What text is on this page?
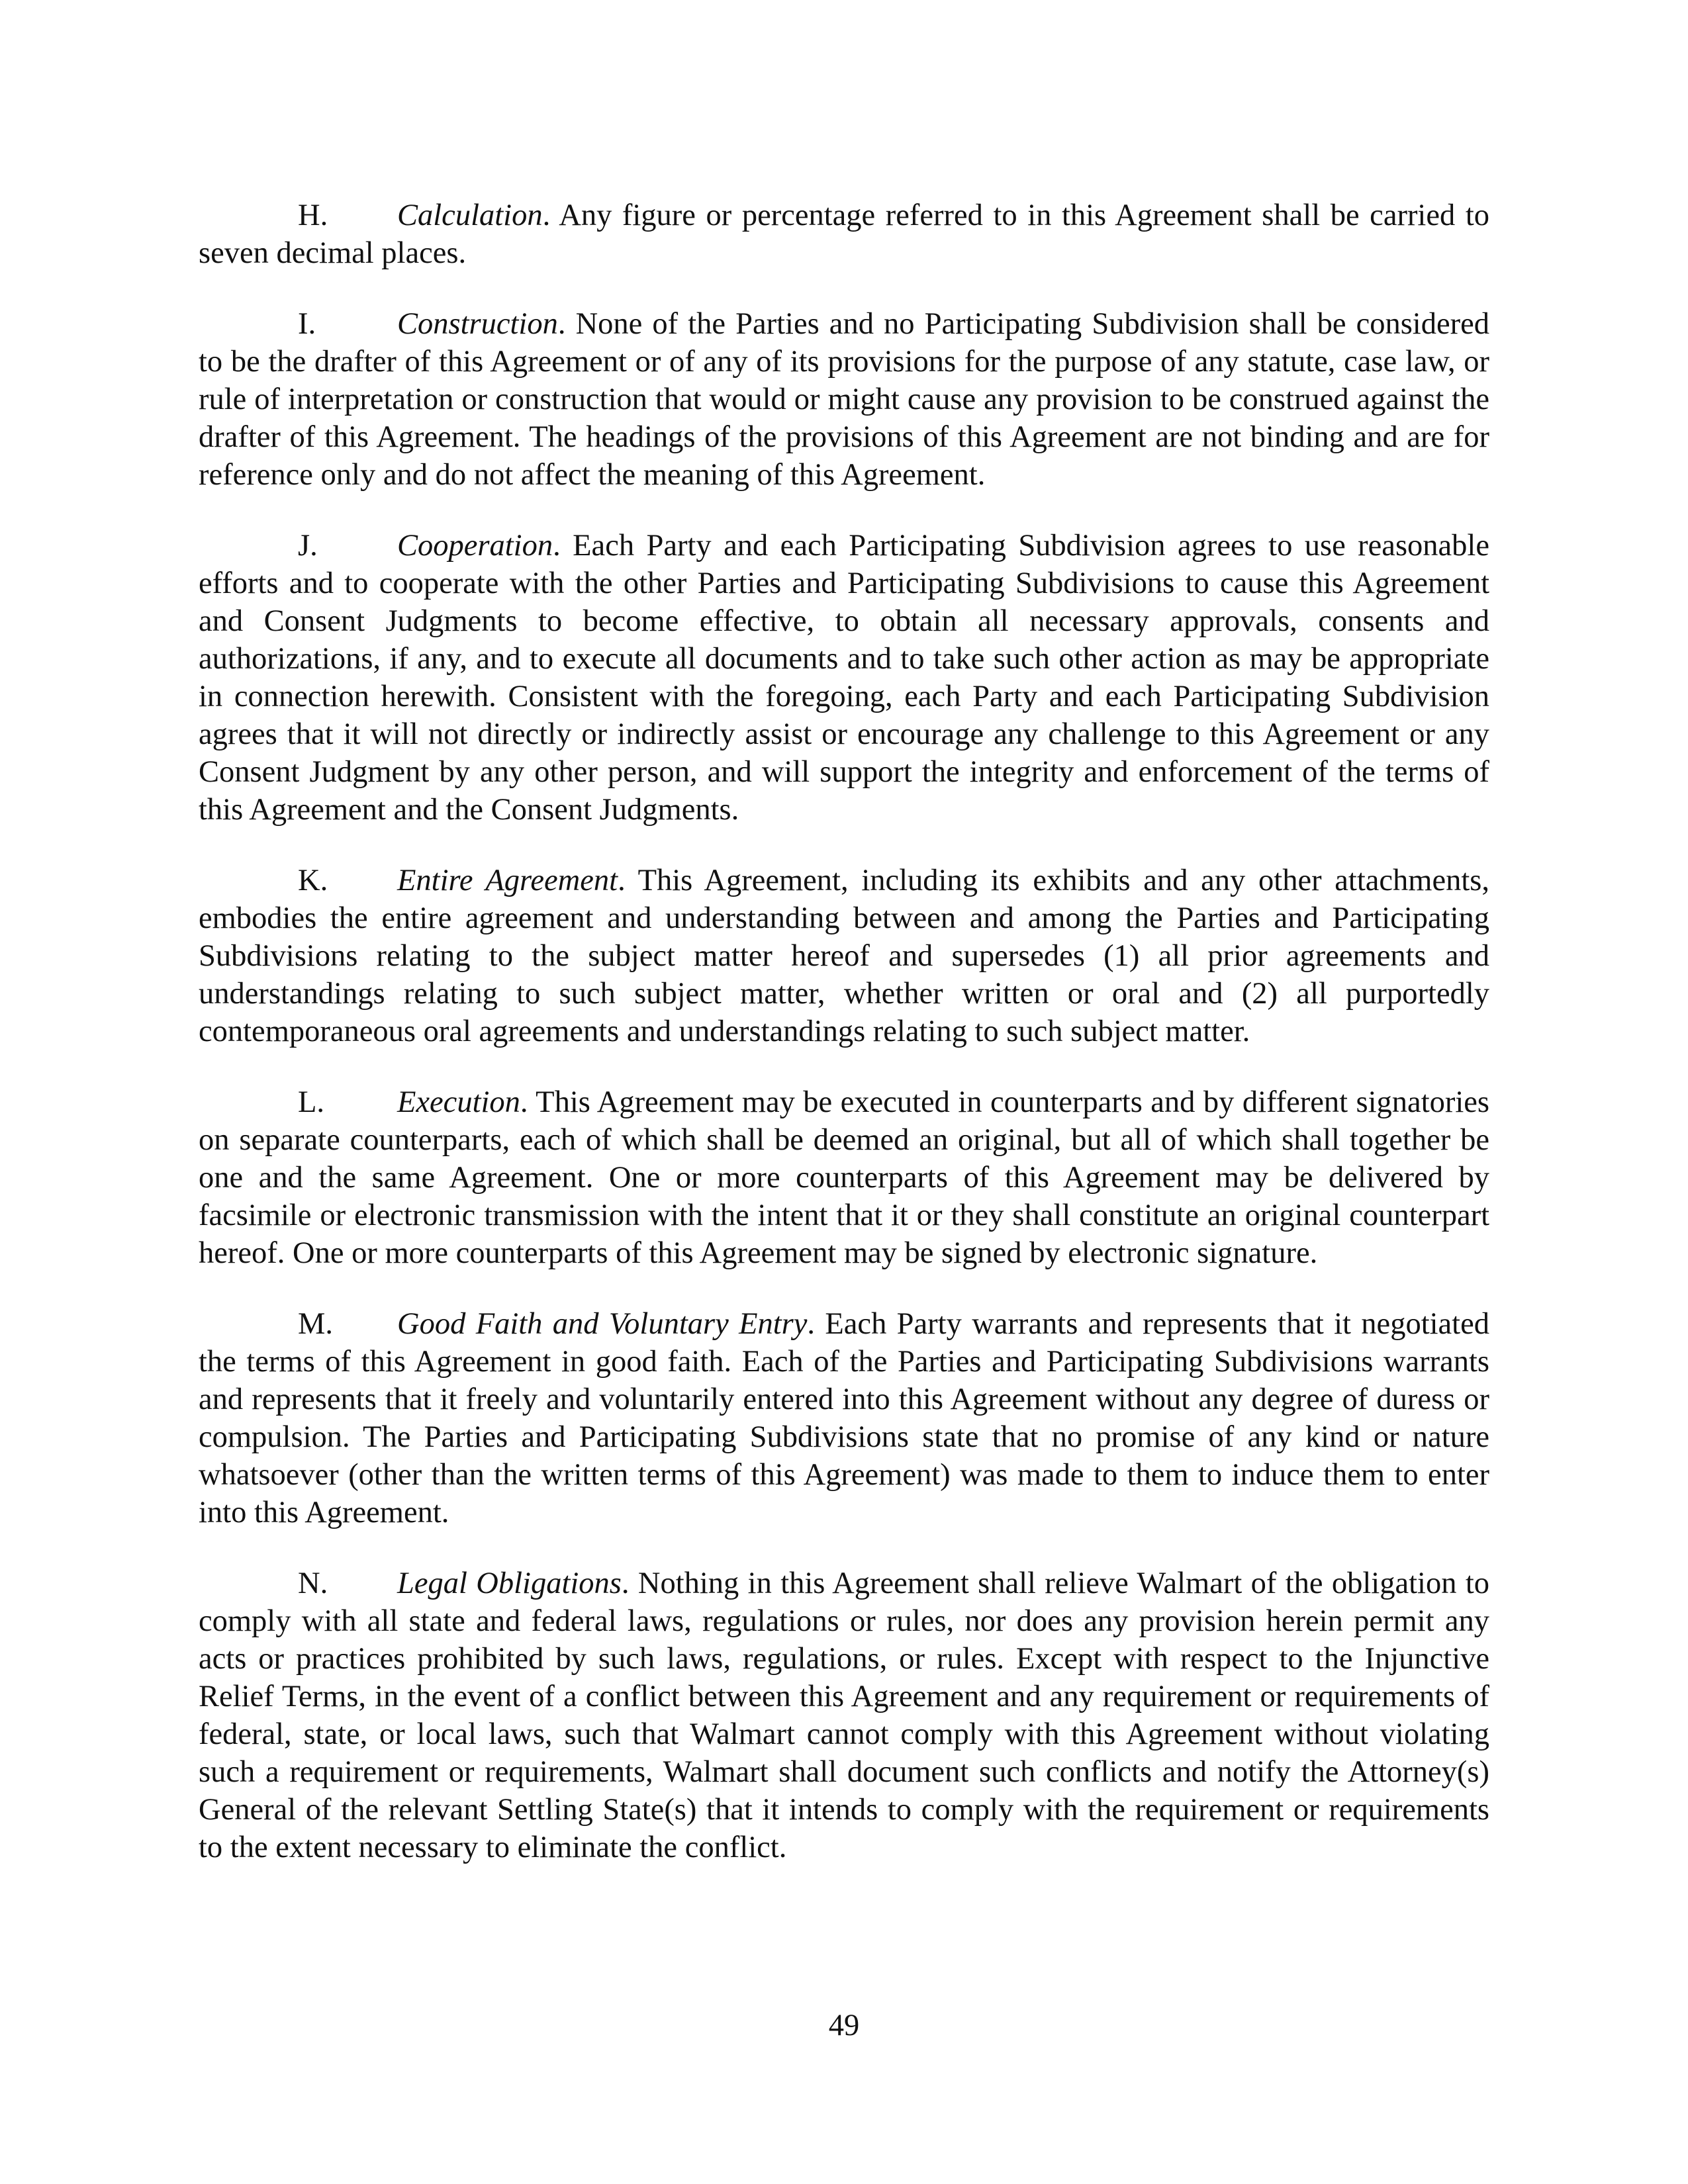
H. Calculation. Any figure or percentage referred to in this Agreement shall be carried to seven decimal places.

I.	Construction. None of the Parties and no Participating Subdivision shall be considered to be the drafter of this Agreement or of any of its provisions for the purpose of any statute, case law, or rule of interpretation or construction that would or might cause any provision to be construed against the drafter of this Agreement. The headings of the provisions of this Agreement are not binding and are for reference only and do not affect the meaning of this Agreement.

J.	Cooperation. Each Party and each Participating Subdivision agrees to use reasonable efforts and to cooperate with the other Parties and Participating Subdivisions to cause this Agreement and Consent Judgments to become effective, to obtain all necessary approvals, consents and authorizations, if any, and to execute all documents and to take such other action as may be appropriate in connection herewith. Consistent with the foregoing, each Party and each Participating Subdivision agrees that it will not directly or indirectly assist or encourage any challenge to this Agreement or any Consent Judgment by any other person, and will support the integrity and enforcement of the terms of this Agreement and the Consent Judgments.

K. Entire Agreement. This Agreement, including its exhibits and any other attachments, embodies the entire agreement and understanding between and among the Parties and Participating Subdivisions relating to the subject matter hereof and supersedes (1) all prior agreements and understandings relating to such subject matter, whether written or oral and (2) all purportedly contemporaneous oral agreements and understandings relating to such subject matter.

L. Execution. This Agreement may be executed in counterparts and by different signatories on separate counterparts, each of which shall be deemed an original, but all of which shall together be one and the same Agreement. One or more counterparts of this Agreement may be delivered by facsimile or electronic transmission with the intent that it or they shall constitute an original counterpart hereof. One or more counterparts of this Agreement may be signed by electronic signature.

M. Good Faith and Voluntary Entry. Each Party warrants and represents that it negotiated the terms of this Agreement in good faith. Each of the Parties and Participating Subdivisions warrants and represents that it freely and voluntarily entered into this Agreement without any degree of duress or compulsion. The Parties and Participating Subdivisions state that no promise of any kind or nature whatsoever (other than the written terms of this Agreement) was made to them to induce them to enter into this Agreement.

N. Legal Obligations. Nothing in this Agreement shall relieve Walmart of the obligation to comply with all state and federal laws, regulations or rules, nor does any provision herein permit any acts or practices prohibited by such laws, regulations, or rules. Except with respect to the Injunctive Relief Terms, in the event of a conflict between this Agreement and any requirement or requirements of federal, state, or local laws, such that Walmart cannot comply with this Agreement without violating such a requirement or requirements, Walmart shall document such conflicts and notify the Attorney(s) General of the relevant Settling State(s) that it intends to comply with the requirement or requirements to the extent necessary to eliminate the conflict.

49
